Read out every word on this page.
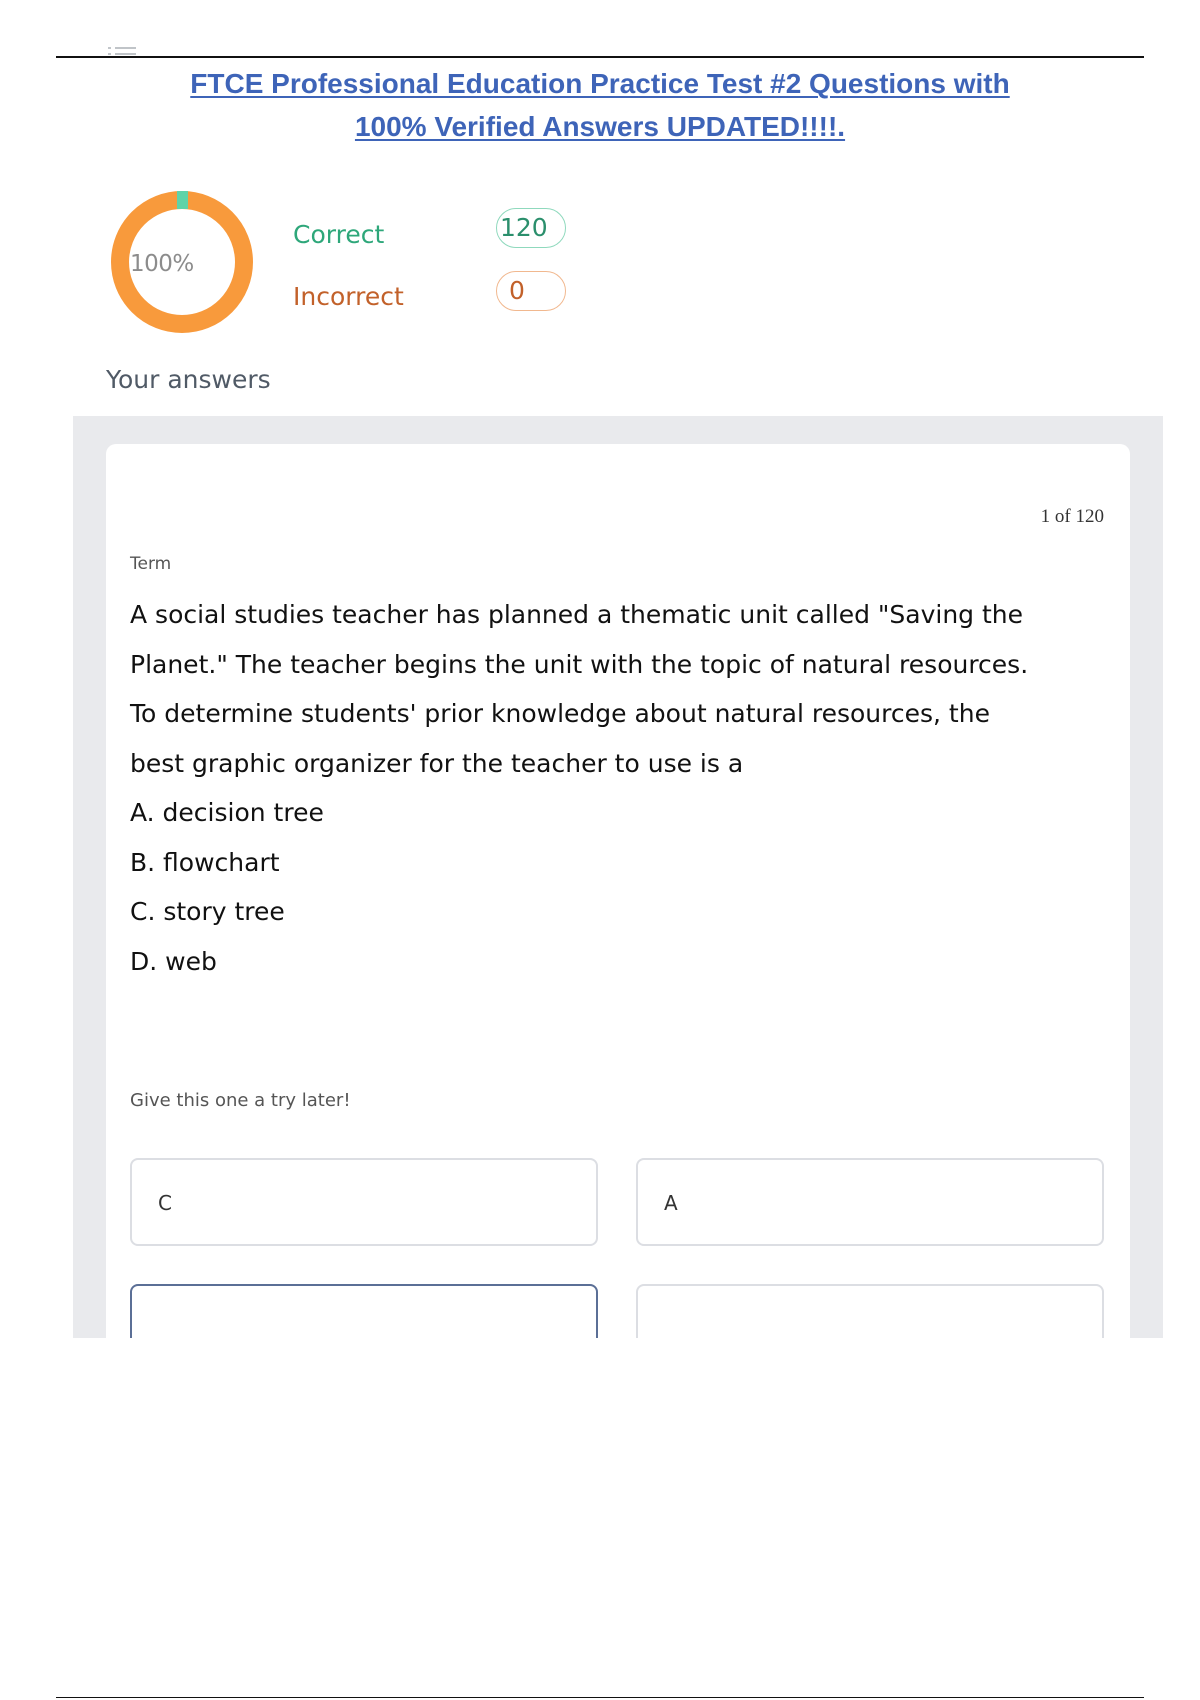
FTCE Professional Education Practice Test #2 Questions with
100% Verified Answers UPDATED!!!!.
100%
Correct	120
Incorrect	0
Your answers
1 of 120
Term

A social studies teacher has planned a thematic unit called "Saving the

Planet." The teacher begins the unit with the topic of natural resources.

To determine students' prior knowledge about natural resources, the

best graphic organizer for the teacher to use is a

A. decision tree

B. flowchart

C. story tree

D. web

Give this one a try later!
C	A
